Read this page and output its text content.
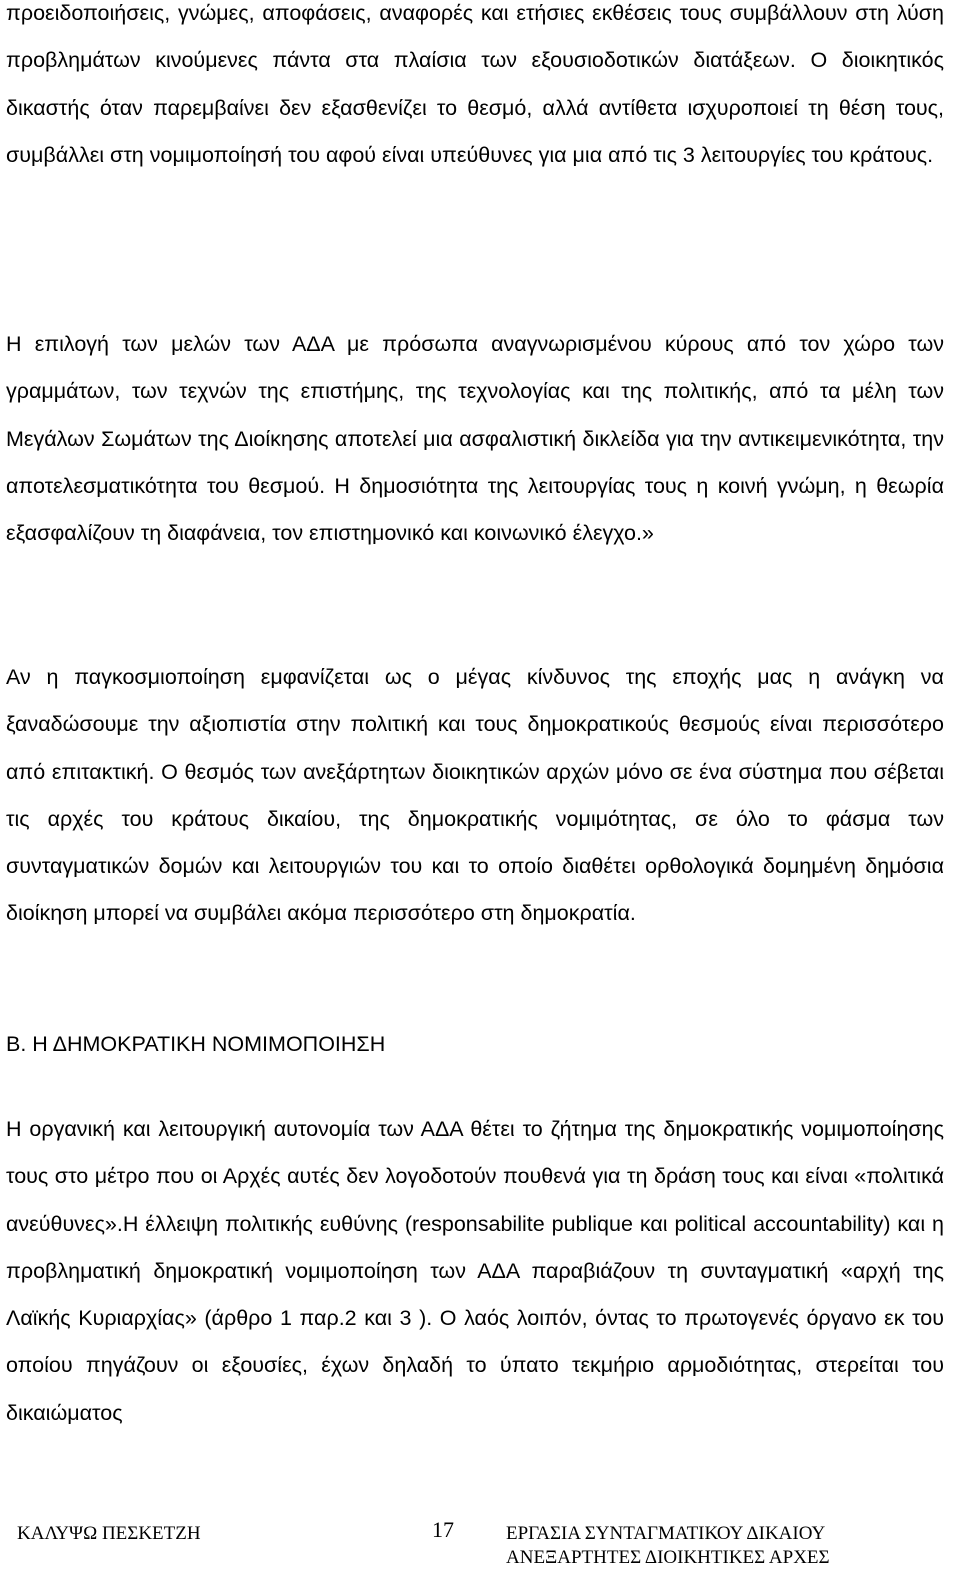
προειδοποιήσεις, γνώμες, αποφάσεις, αναφορές και ετήσιες εκθέσεις τους συμβάλλουν στη λύση προβλημάτων κινούμενες πάντα στα πλαίσια των εξουσιοδοτικών διατάξεων. Ο διοικητικός δικαστής όταν παρεμβαίνει δεν εξασθενίζει το θεσμό, αλλά αντίθετα ισχυροποιεί τη θέση τους, συμβάλλει στη νομιμοποίησή του αφού είναι υπεύθυνες για μια από τις 3 λειτουργίες του κράτους.

Η επιλογή των μελών των ΑΔΑ με πρόσωπα αναγνωρισμένου κύρους από τον χώρο των γραμμάτων, των τεχνών της επιστήμης, της τεχνολογίας και της πολιτικής, από τα μέλη των Μεγάλων Σωμάτων της Διοίκησης αποτελεί μια ασφαλιστική δικλείδα για την αντικειμενικότητα, την αποτελεσματικότητα του θεσμού. Η δημοσιότητα της λειτουργίας τους η κοινή γνώμη, η θεωρία εξασφαλίζουν τη διαφάνεια, τον επιστημονικό και κοινωνικό έλεγχο.»

Αν η παγκοσμιοποίηση εμφανίζεται ως ο μέγας κίνδυνος της εποχής μας η ανάγκη να ξαναδώσουμε την αξιοπιστία στην πολιτική και τους δημοκρατικούς θεσμούς είναι περισσότερο από επιτακτική. Ο θεσμός των ανεξάρτητων διοικητικών αρχών μόνο σε ένα σύστημα που σέβεται τις αρχές του κράτους δικαίου, της δημοκρατικής νομιμότητας, σε όλο το φάσμα των συνταγματικών δομών και λειτουργιών του και το οποίο διαθέτει ορθολογικά δομημένη δημόσια διοίκηση μπορεί να συμβάλει ακόμα περισσότερο στη δημοκρατία.

Β. Η ΔΗΜΟΚΡΑΤΙΚΗ ΝΟΜΙΜΟΠΟΙΗΣΗ

Η οργανική και λειτουργική αυτονομία των ΑΔΑ θέτει το ζήτημα της δημοκρατικής νομιμοποίησης τους στο μέτρο που οι Αρχές αυτές δεν λογοδοτούν πουθενά για τη δράση τους και είναι «πολιτικά ανεύθυνες».Η έλλειψη πολιτικής ευθύνης (responsabilite publique και political accountability) και η προβληματική δημοκρατική νομιμοποίηση των ΑΔΑ παραβιάζουν τη συνταγματική «αρχή της Λαϊκής Κυριαρχίας» (άρθρο 1 παρ.2 και 3 ). Ο λαός λοιπόν, όντας το πρωτογενές όργανο εκ του οποίου πηγάζουν οι εξουσίες, έχων δηλαδή το ύπατο τεκμήριο αρμοδιότητας, στερείται του δικαιώματος

ΚΑΛΥΨΩ ΠΕΣΚΕΤΖΗ	17	ΕΡΓΑΣΙΑ ΣΥΝΤΑΓΜΑΤΙΚΟΥ ΔΙΚΑΙΟΥ
ΑΝΕΞΑΡΤΗΤΕΣ ΔΙΟΙΚΗΤΙΚΕΣ ΑΡΧΕΣ
